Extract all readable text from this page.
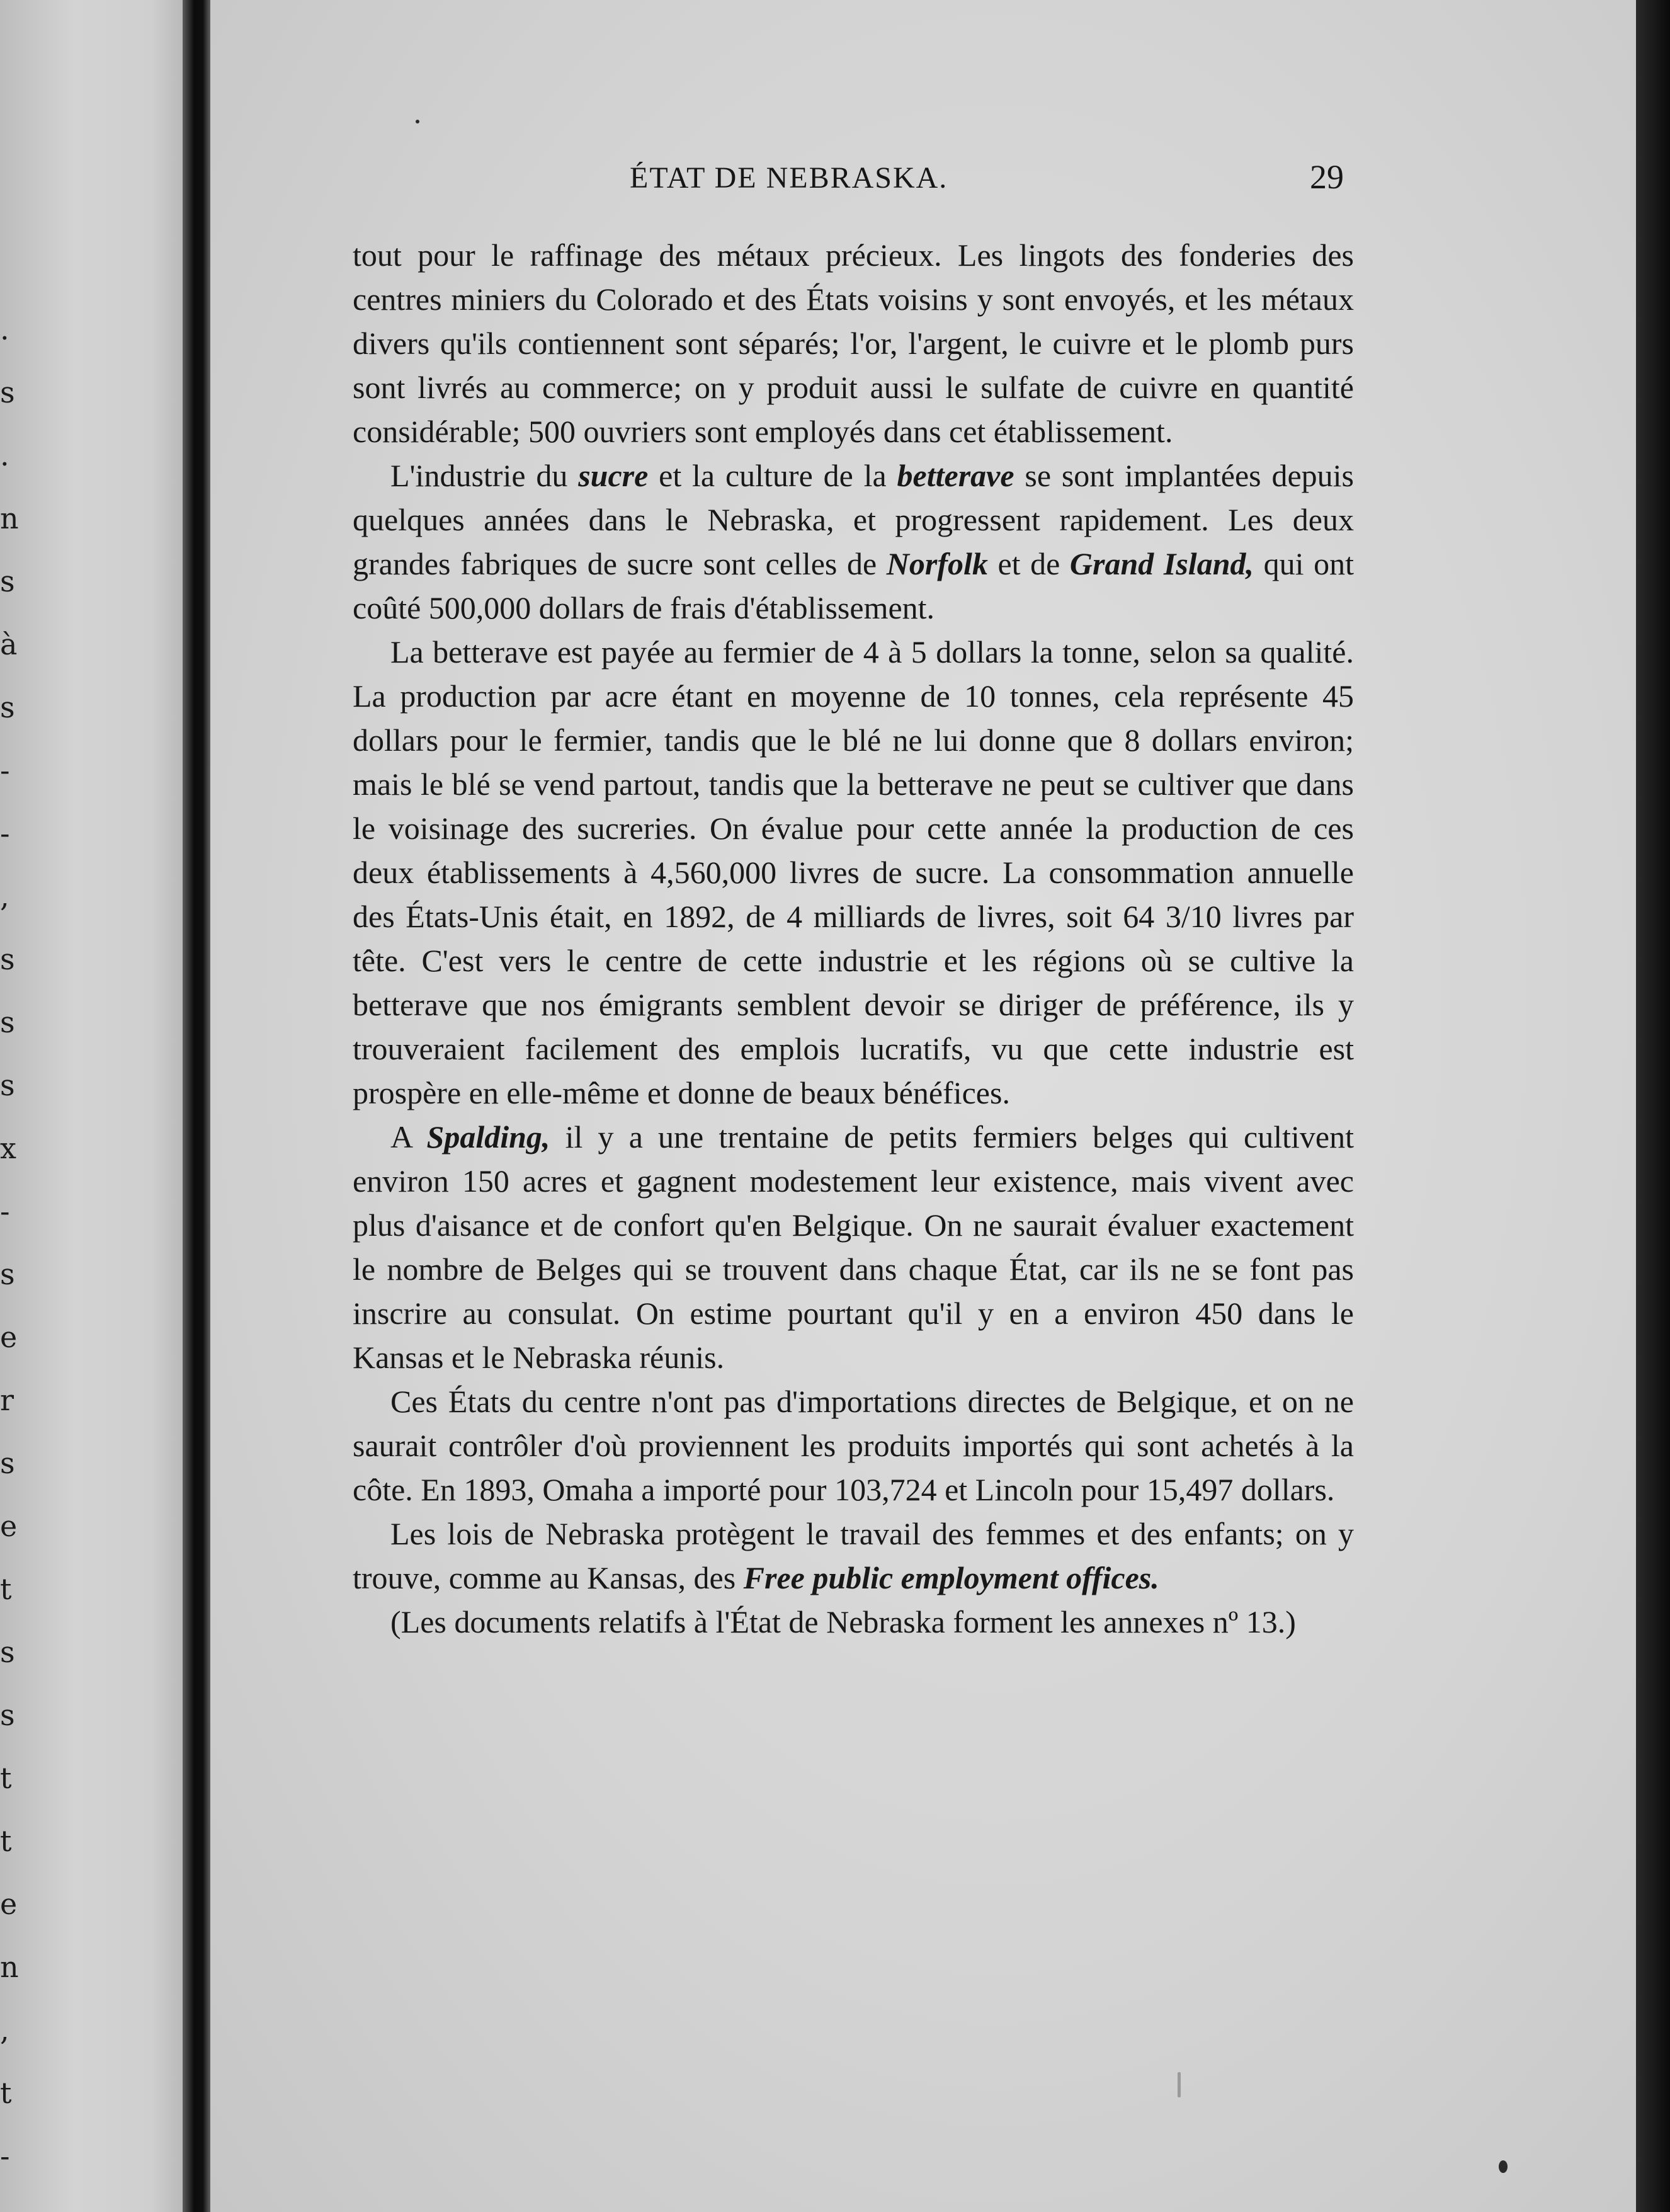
.
s
.
n
s
à
s
-
-
,
s
s
s
x
-
s
e
r
s
e
t
s
s
t
t
e
n
,
t
-
ÉTAT DE NEBRASKA.	29

tout pour le raffinage des métaux précieux. Les lingots des fonderies des centres miniers du Colorado et des États voisins y sont envoyés, et les métaux divers qu'ils contiennent sont séparés; l'or, l'argent, le cuivre et le plomb purs sont livrés au commerce; on y produit aussi le sulfate de cuivre en quantité considérable; 500 ouvriers sont employés dans cet établissement.

L'industrie du sucre et la culture de la betterave se sont implantées depuis quelques années dans le Nebraska, et progressent rapidement. Les deux grandes fabriques de sucre sont celles de Norfolk et de Grand Island, qui ont coûté 500,000 dollars de frais d'établissement.

La betterave est payée au fermier de 4 à 5 dollars la tonne, selon sa qualité. La production par acre étant en moyenne de 10 tonnes, cela représente 45 dollars pour le fermier, tandis que le blé ne lui donne que 8 dollars environ; mais le blé se vend partout, tandis que la betterave ne peut se cultiver que dans le voisinage des sucreries. On évalue pour cette année la production de ces deux établissements à 4,560,000 livres de sucre. La consommation annuelle des États-Unis était, en 1892, de 4 milliards de livres, soit 64 3/10 livres par tête. C'est vers le centre de cette industrie et les régions où se cultive la betterave que nos émigrants semblent devoir se diriger de préférence, ils y trouveraient facilement des emplois lucratifs, vu que cette industrie est prospère en elle-même et donne de beaux bénéfices.

A Spalding, il y a une trentaine de petits fermiers belges qui cultivent environ 150 acres et gagnent modestement leur existence, mais vivent avec plus d'aisance et de confort qu'en Belgique. On ne saurait évaluer exactement le nombre de Belges qui se trouvent dans chaque État, car ils ne se font pas inscrire au consulat. On estime pourtant qu'il y en a environ 450 dans le Kansas et le Nebraska réunis.

Ces États du centre n'ont pas d'importations directes de Belgique, et on ne saurait contrôler d'où proviennent les produits importés qui sont achetés à la côte. En 1893, Omaha a importé pour 103,724 et Lincoln pour 15,497 dollars.

Les lois de Nebraska protègent le travail des femmes et des enfants; on y trouve, comme au Kansas, des Free public employment offices.

(Les documents relatifs à l'État de Nebraska forment les annexes nº 13.)
